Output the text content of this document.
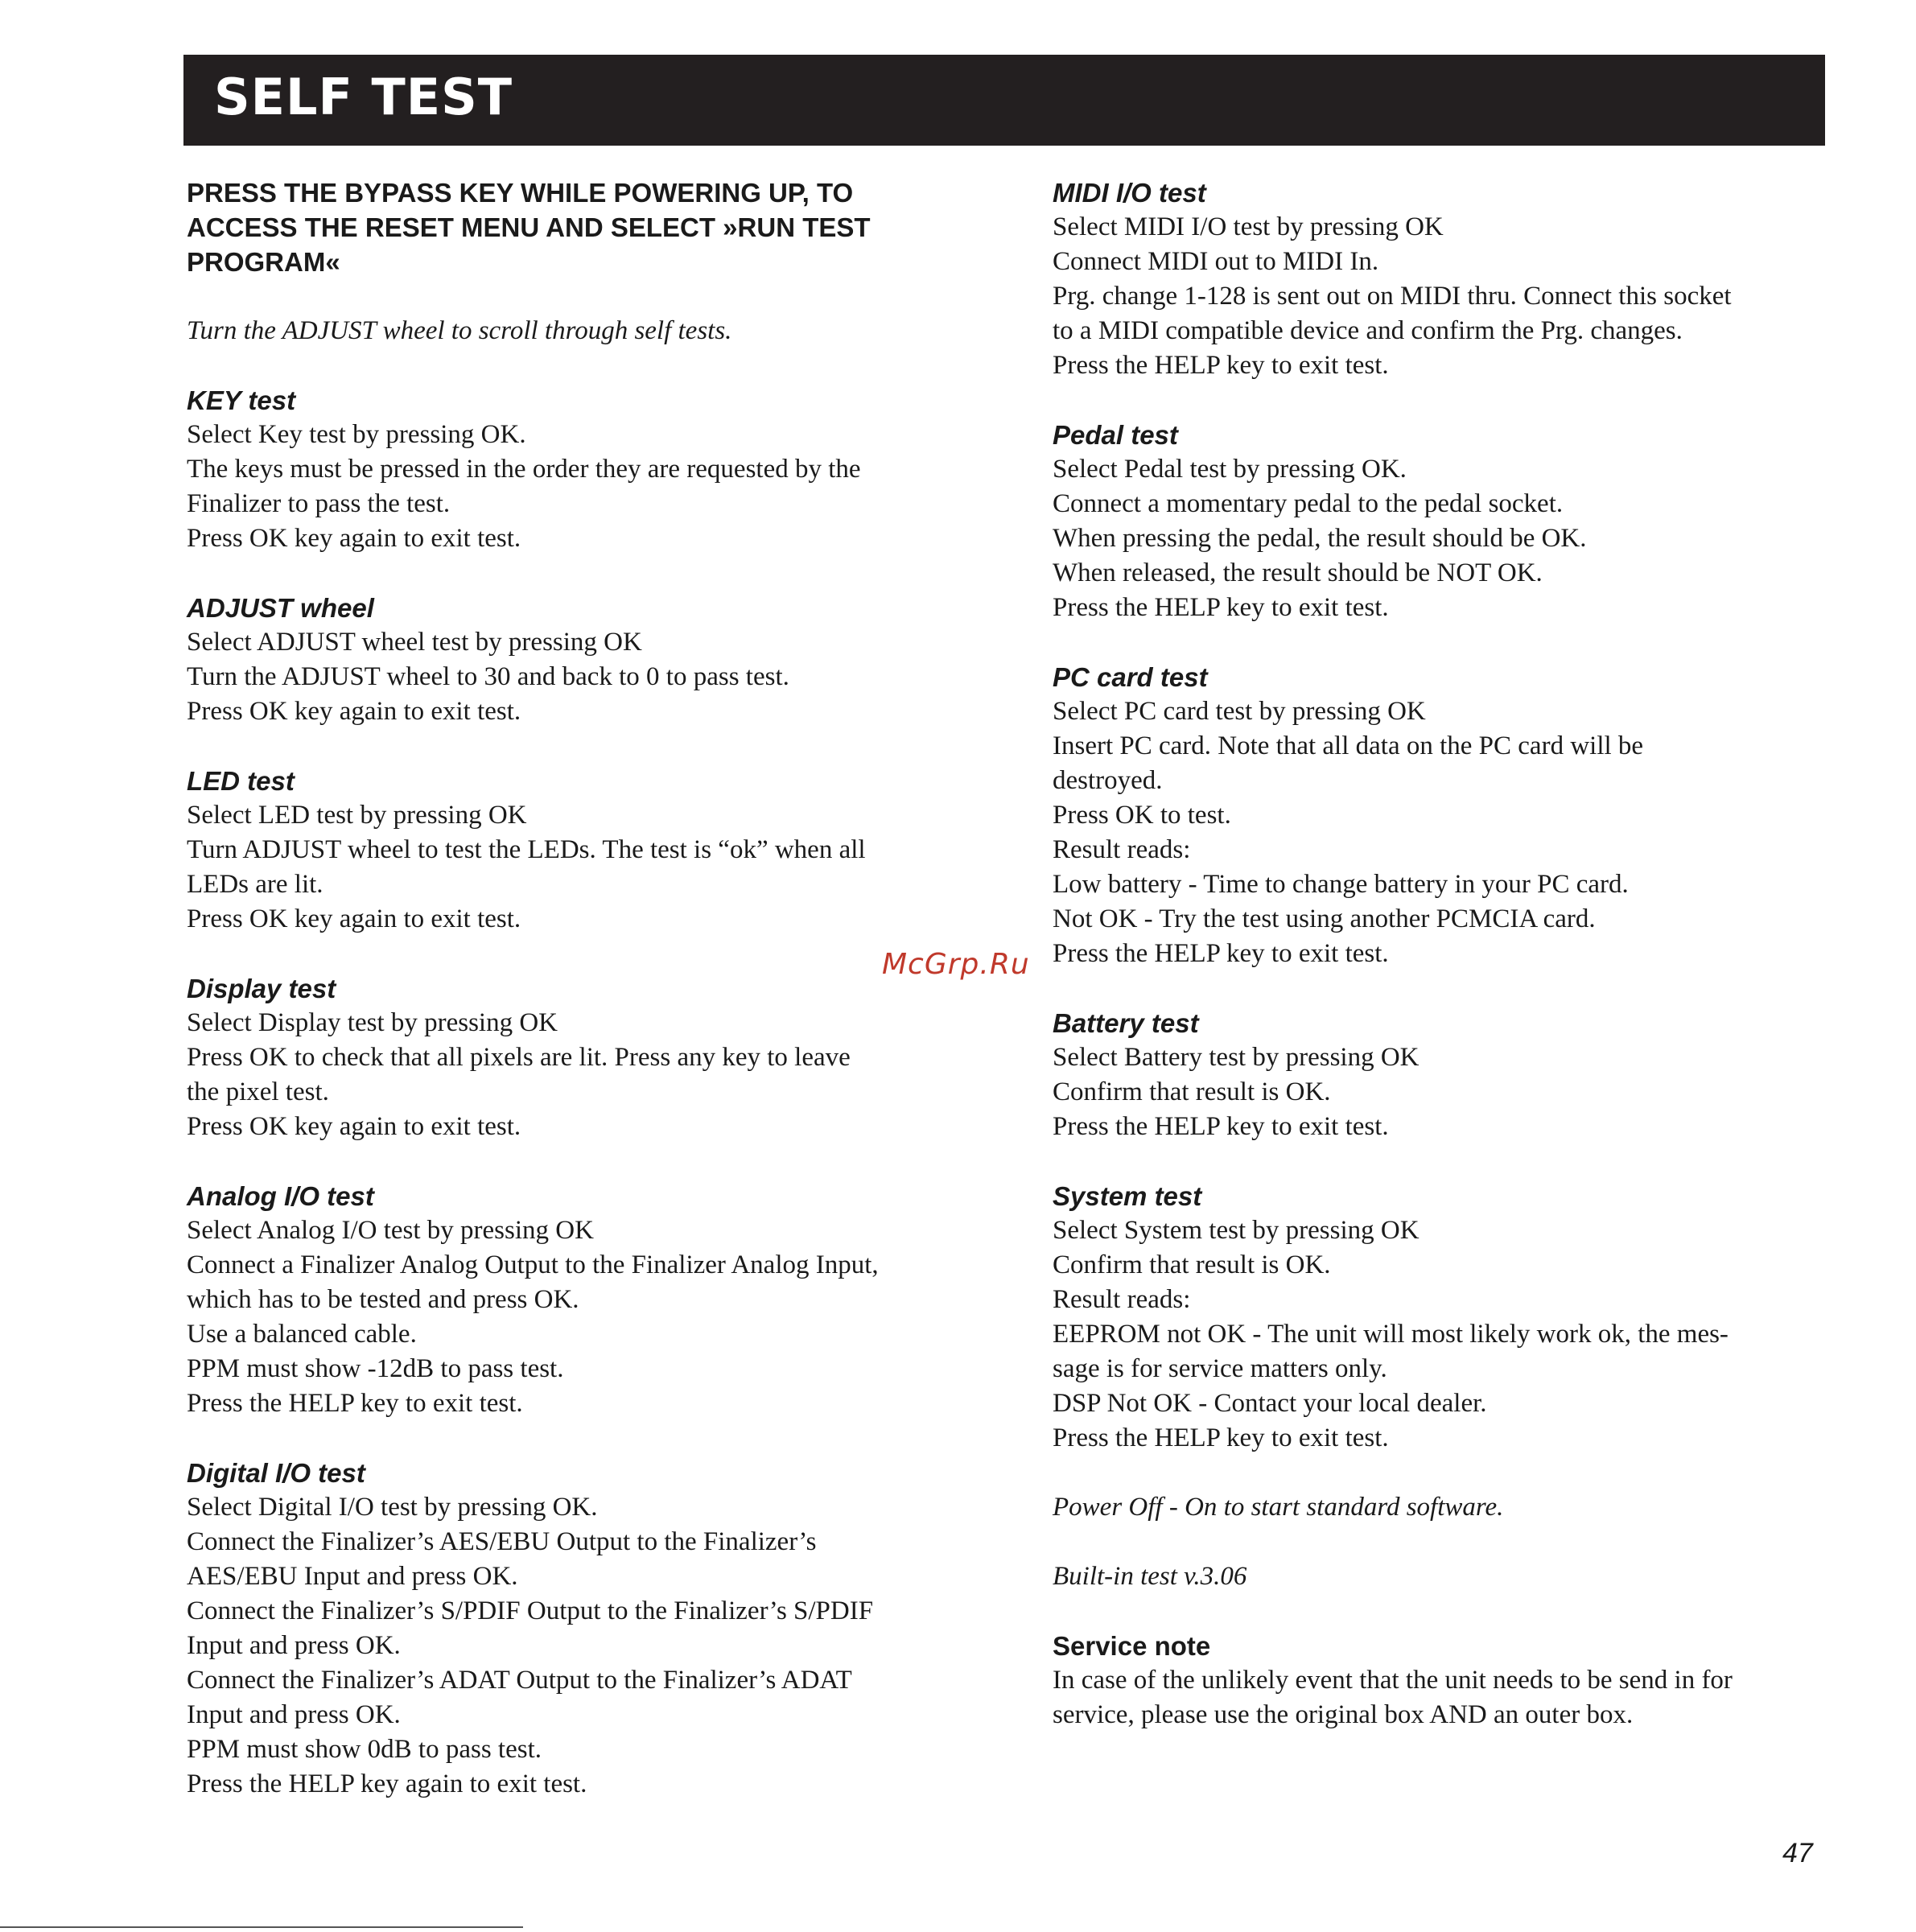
SELF TEST
PRESS THE BYPASS KEY WHILE POWERING UP, TO
ACCESS THE RESET MENU AND SELECT »RUN TEST
PROGRAM«

Turn the ADJUST wheel to scroll through self tests.

KEY test

Select Key test by pressing OK.

The keys must be pressed in the order they are requested by the

Finalizer to pass the test.

Press OK key again to exit test.

ADJUST wheel

Select ADJUST wheel test by pressing OK

Turn the ADJUST wheel to 30 and back to 0 to pass test.

Press OK key again to exit test.

LED test

Select LED test by pressing OK

Turn ADJUST wheel to test the LEDs. The test is “ok” when all

LEDs are lit.

Press OK key again to exit test.

Display test

Select Display test by pressing OK

Press OK to check that all pixels are lit. Press any key to leave

the pixel test.

Press OK key again to exit test.

Analog I/O test

Select Analog I/O test by pressing OK

Connect a Finalizer Analog Output to the Finalizer Analog Input,

which has to be tested and press OK.

Use a balanced cable.

PPM must show -12dB to pass test.

Press the HELP key to exit test.

Digital I/O test

Select Digital I/O test by pressing OK.

Connect the Finalizer’s AES/EBU Output to the Finalizer’s

AES/EBU Input and press OK.

Connect the Finalizer’s S/PDIF Output to the Finalizer’s S/PDIF

Input and press OK.

Connect the Finalizer’s ADAT Output to the Finalizer’s ADAT

Input and press OK.

PPM must show 0dB to pass test.

Press the HELP key again to exit test.

MIDI I/O test

Select MIDI I/O test by pressing OK

Connect MIDI out to MIDI In.

Prg. change 1-128 is sent out on MIDI thru. Connect this socket

to a MIDI compatible device and confirm the Prg. changes.

Press the HELP key to exit test.

Pedal test

Select Pedal test by pressing OK.

Connect a momentary pedal to the pedal socket.

When pressing the pedal, the result should be OK.

When released, the result should be NOT OK.

Press the HELP key to exit test.

PC card test

Select PC card test by pressing OK

Insert PC card. Note that all data on the PC card will be

destroyed.

Press OK to test.

Result reads:

Low battery - Time to change battery in your PC card.

Not OK - Try the test using another PCMCIA card.

Press the HELP key to exit test.

Battery test

Select Battery test by pressing OK

Confirm that result is OK.

Press the HELP key to exit test.

System test

Select System test by pressing OK

Confirm that result is OK.

Result reads:

EEPROM not OK - The unit will most likely work ok, the mes-

sage is for service matters only.

DSP Not OK - Contact your local dealer.

Press the HELP key to exit test.

Power Off - On to start standard software.

Built-in test v.3.06

Service note

In case of the unlikely event that the unit needs to be send in for

service, please use the original box AND an outer box.

McGrp.Ru
47
